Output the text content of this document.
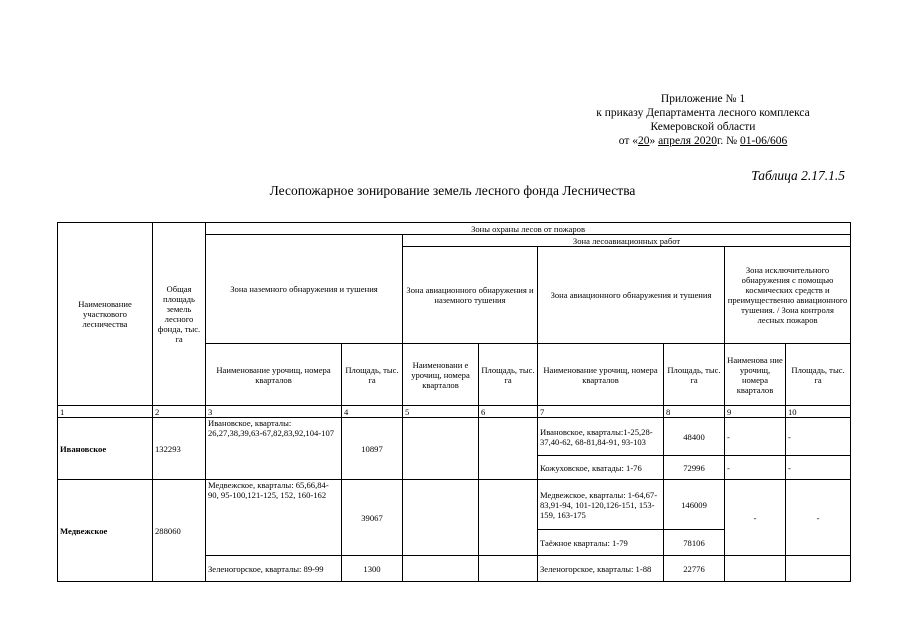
Приложение № 1
к приказу Департамента лесного комплекса
Кемеровской области
от «20» апреля 2020г. № 01-06/606
Таблица 2.17.1.5
Лесопожарное зонирование земель лесного фонда Лесничества
Наименование участкового лесничества	Общая площадь земель лесного фонда, тыс. га	Зоны охраны лесов от пожаров							
		Зона наземного обнаружения и тушения		Зона лесоавиационных работ					
				Зона авиационного обнаружения и наземного тушения		Зона авиационного обнаружения и тушения		Зона исключительного обнаружения с помощью космических средств и преимущественно авиационного тушения. / Зона контроля лесных пожаров	
		Наименование урочищ, номера кварталов	Площадь, тыс. га	Наименовани е урочищ, номера кварталов	Площадь, тыс. га	Наименование урочищ, номера кварталов	Площадь, тыс. га	Наименова ние урочищ, номера кварталов	Площадь, тыс. га
1	2	3	4	5	6	7	8	9	10
Ивановское	132293	Ивановское, кварталы: 26,27,38,39,63-67,82,83,92,104-107	10897			Ивановское, кварталы:1-25,28-37,40-62, 68-81,84-91, 93-103	48400	-	-
						Кожуховское, кватады: 1-76	72996	-	-
Медвежское	288060	Медвежское, кварталы: 65,66,84-90, 95-100,121-125, 152, 160-162	39067			Медвежское, кварталы: 1-64,67-83,91-94, 101-120,126-151, 153-159, 163-175	146009	-	-
						Таёжное кварталы: 1-79	78106		
		Зеленогорское, кварталы: 89-99	1300			Зеленогорское, кварталы: 1-88	22776		
